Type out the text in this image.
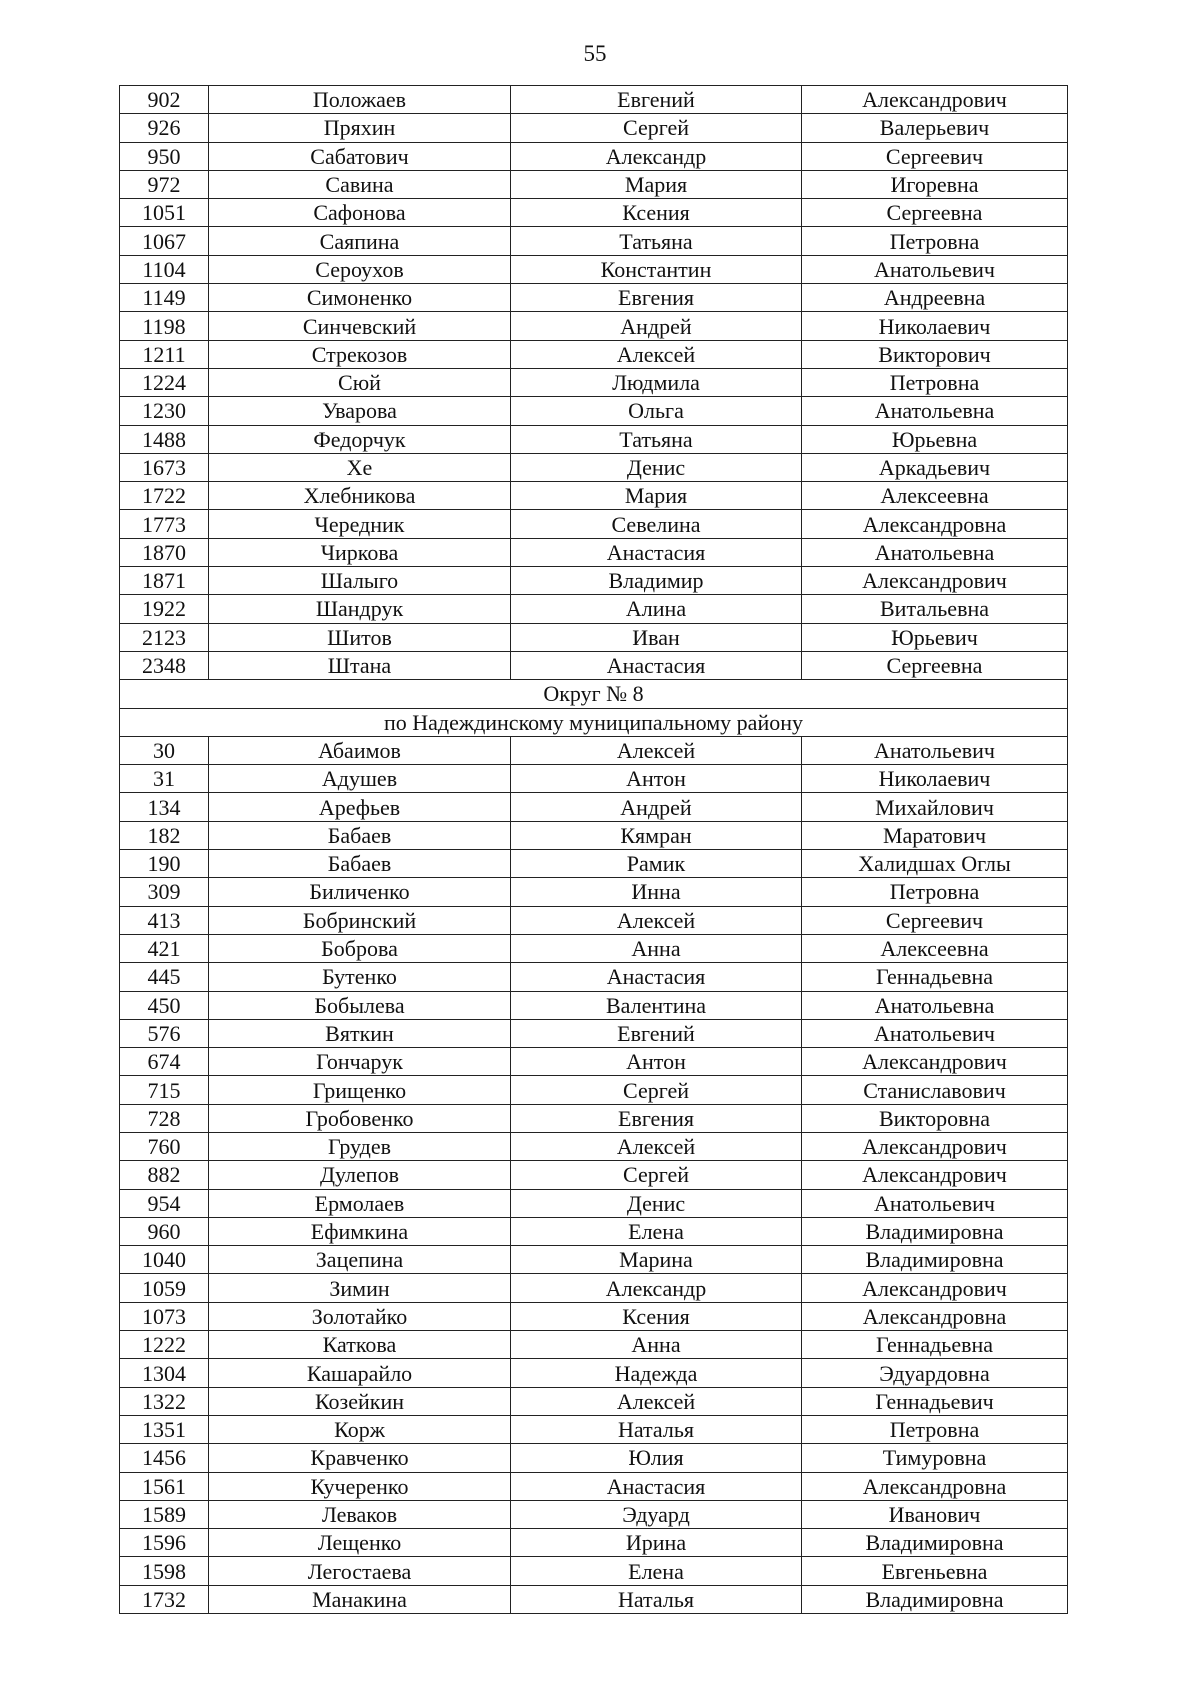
55
902	Положаев	Евгений	Александрович
926	Пряхин	Сергей	Валерьевич
950	Сабатович	Александр	Сергеевич
972	Савина	Мария	Игоревна
1051	Сафонова	Ксения	Сергеевна
1067	Саяпина	Татьяна	Петровна
1104	Сероухов	Константин	Анатольевич
1149	Симоненко	Евгения	Андреевна
1198	Синчевский	Андрей	Николаевич
1211	Стрекозов	Алексей	Викторович
1224	Сюй	Людмила	Петровна
1230	Уварова	Ольга	Анатольевна
1488	Федорчук	Татьяна	Юрьевна
1673	Хе	Денис	Аркадьевич
1722	Хлебникова	Мария	Алексеевна
1773	Чередник	Севелина	Александровна
1870	Чиркова	Анастасия	Анатольевна
1871	Шалыго	Владимир	Александрович
1922	Шандрук	Алина	Витальевна
2123	Шитов	Иван	Юрьевич
2348	Штана	Анастасия	Сергеевна
Округ № 8			
по Надеждинскому муниципальному району			
30	Абаимов	Алексей	Анатольевич
31	Адушев	Антон	Николаевич
134	Арефьев	Андрей	Михайлович
182	Бабаев	Кямран	Маратович
190	Бабаев	Рамик	Халидшах Оглы
309	Биличенко	Инна	Петровна
413	Бобринский	Алексей	Сергеевич
421	Боброва	Анна	Алексеевна
445	Бутенко	Анастасия	Геннадьевна
450	Бобылева	Валентина	Анатольевна
576	Вяткин	Евгений	Анатольевич
674	Гончарук	Антон	Александрович
715	Грищенко	Сергей	Станиславович
728	Гробовенко	Евгения	Викторовна
760	Грудев	Алексей	Александрович
882	Дулепов	Сергей	Александрович
954	Ермолаев	Денис	Анатольевич
960	Ефимкина	Елена	Владимировна
1040	Зацепина	Марина	Владимировна
1059	Зимин	Александр	Александрович
1073	Золотайко	Ксения	Александровна
1222	Каткова	Анна	Геннадьевна
1304	Кашарайло	Надежда	Эдуардовна
1322	Козейкин	Алексей	Геннадьевич
1351	Корж	Наталья	Петровна
1456	Кравченко	Юлия	Тимуровна
1561	Кучеренко	Анастасия	Александровна
1589	Леваков	Эдуард	Иванович
1596	Лещенко	Ирина	Владимировна
1598	Легостаева	Елена	Евгеньевна
1732	Манакина	Наталья	Владимировна
